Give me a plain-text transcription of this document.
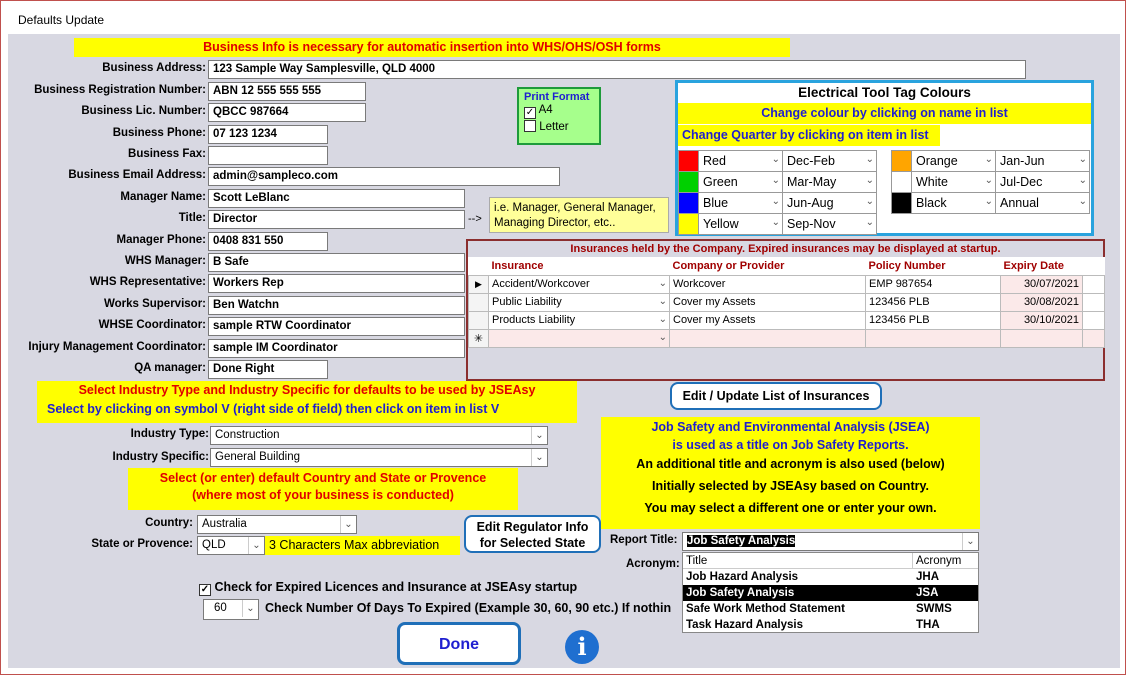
Defaults Update
Business Info is necessary for automatic insertion into WHS/OHS/OSH forms
Business Address: 123 Sample Way Samplesville, QLD 4000
Business Registration Number: ABN 12 555 555 555
Business Lic. Number: QBCC 987664
Business Phone: 07 123 1234
Business Fax:
Business Email Address: admin@sampleco.com
Manager Name: Scott LeBlanc
Title: Director	-->
i.e. Manager, General Manager, Managing Director, etc..
Manager Phone: 0408 831 550
WHS Manager: B Safe
WHS Representative: Workers Rep
Works Supervisor: Ben Watchn
WHSE Coordinator: sample RTW Coordinator
Injury Management Coordinator: sample IM Coordinator
QA manager: Done Right
Print Format
✓ A4
Letter
Electrical Tool Tag Colours
Change colour by clicking on name in list
Change Quarter by clicking on item in list
	Red ⌄	Dec-Feb ⌄

	Green ⌄	Mar-May ⌄

	Blue ⌄	Jun-Aug ⌄

	Yellow ⌄	Sep-Nov ⌄
	Orange ⌄	Jan-Jun ⌄

	White ⌄	Jul-Dec ⌄

	Black ⌄	Annual ⌄
Insurances held by the Company. Expired insurances may be displayed at startup.
	Insurance	Company or Provider	Policy Number	Expiry Date	
▶	Accident/Workcover ⌄	Workcover	EMP 987654	30/07/2021	
	Public Liability ⌄	Cover my Assets	123456 PLB	30/08/2021	
	Products Liability ⌄	Cover my Assets	123456 PLB	30/10/2021	
✳	⌄				

Edit / Update List of Insurances
Select Industry Type and Industry Specific for defaults to be used by JSEAsy
Select by clicking on symbol V (right side of field) then click on item in list V
Industry Type: Construction	⌄
Industry Specific: General Building	⌄
Select (or enter) default Country and State or Provence
(where most of your business is conducted)
Country: Australia	⌄
State or Provence: QLD	⌄ 3 Characters Max abbreviation
Edit Regulator Info
for Selected State
Job Safety and Environmental Analysis (JSEA)
is used as a title on Job Safety Reports.
An additional title and acronym is also used (below)
Initially selected by JSEAsy based on Country.
You may select a different one or enter your own.
Report Title: Job Safety Analysis	⌄
Acronym: Title	Acronym
Job Hazard Analysis	JHA
Job Safety Analysis	JSA
Safe Work Method Statement	SWMS
Task Hazard Analysis	THA
✓ Check for Expired Licences and Insurance at JSEAsy startup
60	⌄ Check Number Of Days To Expired (Example 30, 60, 90 etc.) If nothin
Done	i
